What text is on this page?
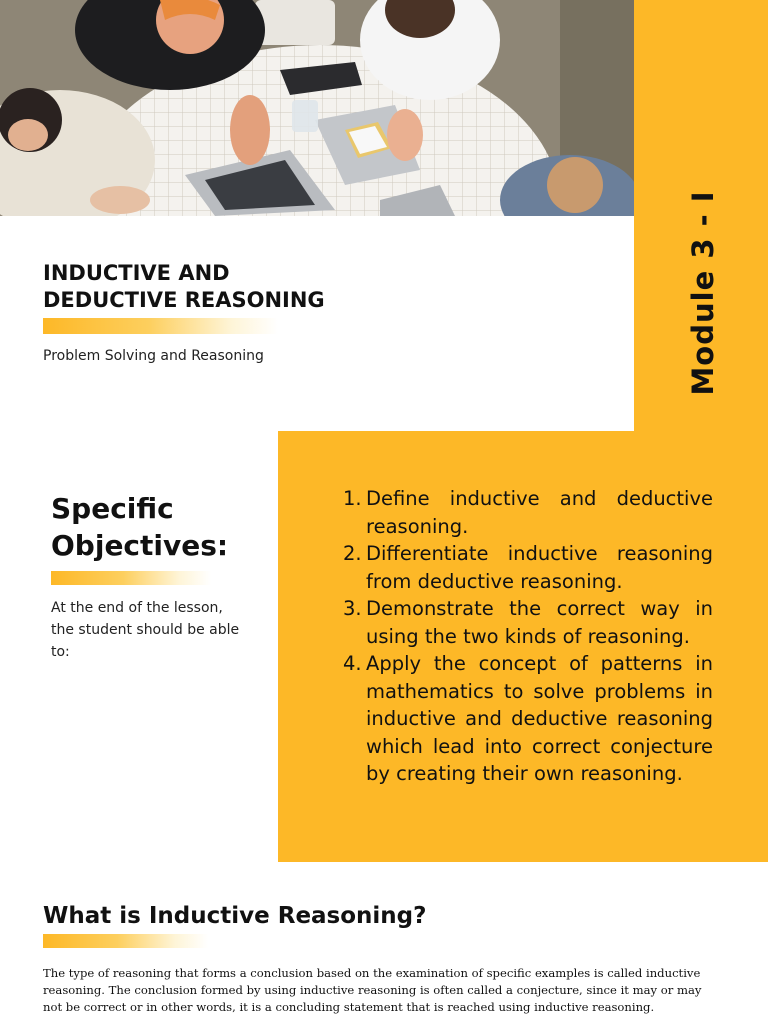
Module 3 - I
INDUCTIVE AND
DEDUCTIVE REASONING
Problem Solving and Reasoning
1. Define inductive and deductive reasoning.
2. Differentiate inductive reasoning from deductive reasoning.
3. Demonstrate the correct way in using the two kinds of reasoning.
4. Apply the concept of patterns in mathematics to solve problems in inductive and deductive reasoning which lead into correct conjecture by creating their own reasoning.
Specific
Objectives:
At the end of the lesson, the student should be able to:
What is Inductive Reasoning?

The type of reasoning that forms a conclusion based on the examination of specific examples is called inductive reasoning. The conclusion formed by using inductive reasoning is often called a conjecture, since it may or may not be correct or in other words, it is a concluding statement that is reached using inductive reasoning.
